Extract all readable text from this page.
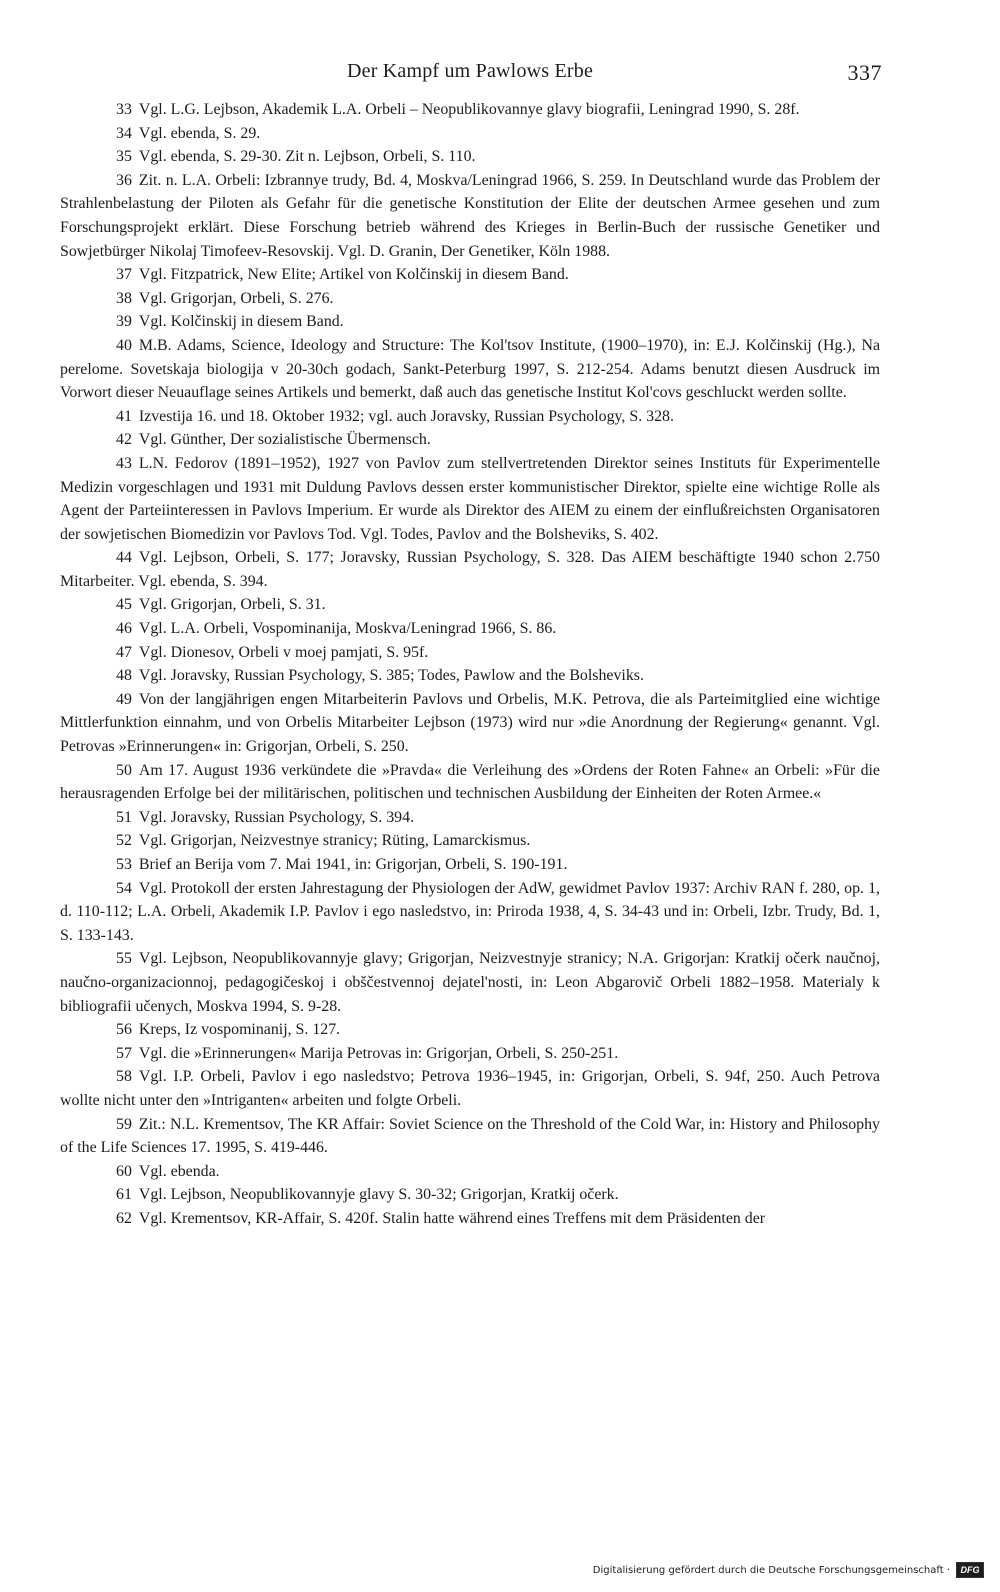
Der Kampf um Pawlows Erbe	337

33 Vgl. L.G. Lejbson, Akademik L.A. Orbeli – Neopublikovannye glavy biografii, Leningrad 1990, S. 28f.

34 Vgl. ebenda, S. 29.

35 Vgl. ebenda, S. 29-30. Zit n. Lejbson, Orbeli, S. 110.

36 Zit. n. L.A. Orbeli: Izbrannye trudy, Bd. 4, Moskva/Leningrad 1966, S. 259. In Deutschland wurde das Problem der Strahlenbelastung der Piloten als Gefahr für die genetische Konstitution der Elite der deutschen Armee gesehen und zum Forschungsprojekt erklärt. Diese Forschung betrieb während des Krieges in Berlin-Buch der russische Genetiker und Sowjetbürger Nikolaj Timofeev-Resovskij. Vgl. D. Granin, Der Genetiker, Köln 1988.

37 Vgl. Fitzpatrick, New Elite; Artikel von Kolčinskij in diesem Band.

38 Vgl. Grigorjan, Orbeli, S. 276.

39 Vgl. Kolčinskij in diesem Band.

40 M.B. Adams, Science, Ideology and Structure: The Kol'tsov Institute, (1900–1970), in: E.J. Kolčinskij (Hg.), Na perelome. Sovetskaja biologija v 20-30ch godach, Sankt-Peterburg 1997, S. 212-254. Adams benutzt diesen Ausdruck im Vorwort dieser Neuauflage seines Artikels und bemerkt, daß auch das genetische Institut Kol'covs geschluckt werden sollte.

41 Izvestija 16. und 18. Oktober 1932; vgl. auch Joravsky, Russian Psychology, S. 328.

42 Vgl. Günther, Der sozialistische Übermensch.

43 L.N. Fedorov (1891–1952), 1927 von Pavlov zum stellvertretenden Direktor seines Instituts für Experimentelle Medizin vorgeschlagen und 1931 mit Duldung Pavlovs dessen erster kommunistischer Direktor, spielte eine wichtige Rolle als Agent der Parteiinteressen in Pavlovs Imperium. Er wurde als Direktor des AIEM zu einem der einflußreichsten Organisatoren der sowjetischen Biomedizin vor Pavlovs Tod. Vgl. Todes, Pavlov and the Bolsheviks, S. 402.

44 Vgl. Lejbson, Orbeli, S. 177; Joravsky, Russian Psychology, S. 328. Das AIEM beschäftigte 1940 schon 2.750 Mitarbeiter. Vgl. ebenda, S. 394.

45 Vgl. Grigorjan, Orbeli, S. 31.

46 Vgl. L.A. Orbeli, Vospominanija, Moskva/Leningrad 1966, S. 86.

47 Vgl. Dionesov, Orbeli v moej pamjati, S. 95f.

48 Vgl. Joravsky, Russian Psychology, S. 385; Todes, Pawlow and the Bolsheviks.

49 Von der langjährigen engen Mitarbeiterin Pavlovs und Orbelis, M.K. Petrova, die als Parteimitglied eine wichtige Mittlerfunktion einnahm, und von Orbelis Mitarbeiter Lejbson (1973) wird nur »die Anordnung der Regierung« genannt. Vgl. Petrovas »Erinnerungen« in: Grigorjan, Orbeli, S. 250.

50 Am 17. August 1936 verkündete die »Pravda« die Verleihung des »Ordens der Roten Fahne« an Orbeli: »Für die herausragenden Erfolge bei der militärischen, politischen und technischen Ausbildung der Einheiten der Roten Armee.«

51 Vgl. Joravsky, Russian Psychology, S. 394.

52 Vgl. Grigorjan, Neizvestnye stranicy; Rüting, Lamarckismus.

53 Brief an Berija vom 7. Mai 1941, in: Grigorjan, Orbeli, S. 190-191.

54 Vgl. Protokoll der ersten Jahrestagung der Physiologen der AdW, gewidmet Pavlov 1937: Archiv RAN f. 280, op. 1, d. 110-112; L.A. Orbeli, Akademik I.P. Pavlov i ego nasledstvo, in: Priroda 1938, 4, S. 34-43 und in: Orbeli, Izbr. Trudy, Bd. 1, S. 133-143.

55 Vgl. Lejbson, Neopublikovannyje glavy; Grigorjan, Neizvestnyje stranicy; N.A. Grigorjan: Kratkij očerk naučnoj, naučno-organizacionnoj, pedagogičeskoj i obščestvennoj dejatel'nosti, in: Leon Abgarovič Orbeli 1882–1958. Materialy k bibliografii učenych, Moskva 1994, S. 9-28.

56 Kreps, Iz vospominanij, S. 127.

57 Vgl. die »Erinnerungen« Marija Petrovas in: Grigorjan, Orbeli, S. 250-251.

58 Vgl. I.P. Orbeli, Pavlov i ego nasledstvo; Petrova 1936–1945, in: Grigorjan, Orbeli, S. 94f, 250. Auch Petrova wollte nicht unter den »Intriganten« arbeiten und folgte Orbeli.

59 Zit.: N.L. Krementsov, The KR Affair: Soviet Science on the Threshold of the Cold War, in: History and Philosophy of the Life Sciences 17. 1995, S. 419-446.

60 Vgl. ebenda.

61 Vgl. Lejbson, Neopublikovannyje glavy S. 30-32; Grigorjan, Kratkij očerk.

62 Vgl. Krementsov, KR-Affair, S. 420f. Stalin hatte während eines Treffens mit dem Präsidenten der

Digitalisierung gefördert durch die Deutsche Forschungsgemeinschaft ·	DFG
